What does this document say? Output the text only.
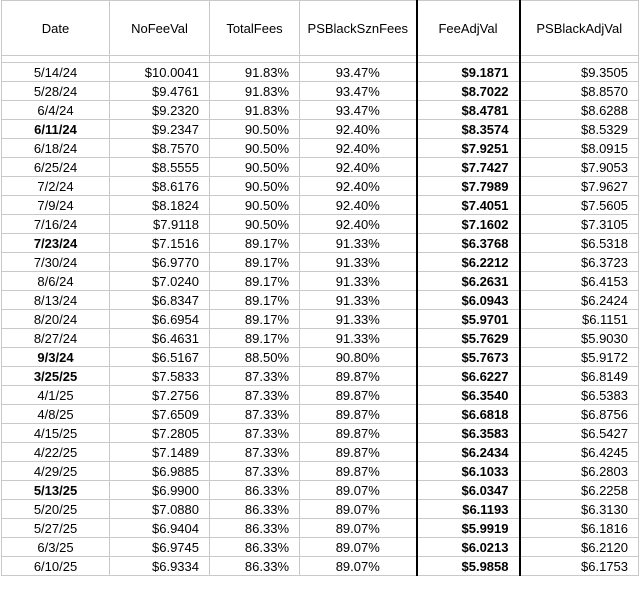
Date	NoFeeVal	TotalFees	PSBlackSznFees	FeeAdjVal	PSBlackAdjVal

5/14/24	$10.0041	91.83%	93.47%	$9.1871	$9.3505
5/28/24	$9.4761	91.83%	93.47%	$8.7022	$8.8570
6/4/24	$9.2320	91.83%	93.47%	$8.4781	$8.6288
6/11/24	$9.2347	90.50%	92.40%	$8.3574	$8.5329
6/18/24	$8.7570	90.50%	92.40%	$7.9251	$8.0915
6/25/24	$8.5555	90.50%	92.40%	$7.7427	$7.9053
7/2/24	$8.6176	90.50%	92.40%	$7.7989	$7.9627
7/9/24	$8.1824	90.50%	92.40%	$7.4051	$7.5605
7/16/24	$7.9118	90.50%	92.40%	$7.1602	$7.3105
7/23/24	$7.1516	89.17%	91.33%	$6.3768	$6.5318
7/30/24	$6.9770	89.17%	91.33%	$6.2212	$6.3723
8/6/24	$7.0240	89.17%	91.33%	$6.2631	$6.4153
8/13/24	$6.8347	89.17%	91.33%	$6.0943	$6.2424
8/20/24	$6.6954	89.17%	91.33%	$5.9701	$6.1151
8/27/24	$6.4631	89.17%	91.33%	$5.7629	$5.9030
9/3/24	$6.5167	88.50%	90.80%	$5.7673	$5.9172
3/25/25	$7.5833	87.33%	89.87%	$6.6227	$6.8149
4/1/25	$7.2756	87.33%	89.87%	$6.3540	$6.5383
4/8/25	$7.6509	87.33%	89.87%	$6.6818	$6.8756
4/15/25	$7.2805	87.33%	89.87%	$6.3583	$6.5427
4/22/25	$7.1489	87.33%	89.87%	$6.2434	$6.4245
4/29/25	$6.9885	87.33%	89.87%	$6.1033	$6.2803
5/13/25	$6.9900	86.33%	89.07%	$6.0347	$6.2258
5/20/25	$7.0880	86.33%	89.07%	$6.1193	$6.3130
5/27/25	$6.9404	86.33%	89.07%	$5.9919	$6.1816
6/3/25	$6.9745	86.33%	89.07%	$6.0213	$6.2120
6/10/25	$6.9334	86.33%	89.07%	$5.9858	$6.1753
